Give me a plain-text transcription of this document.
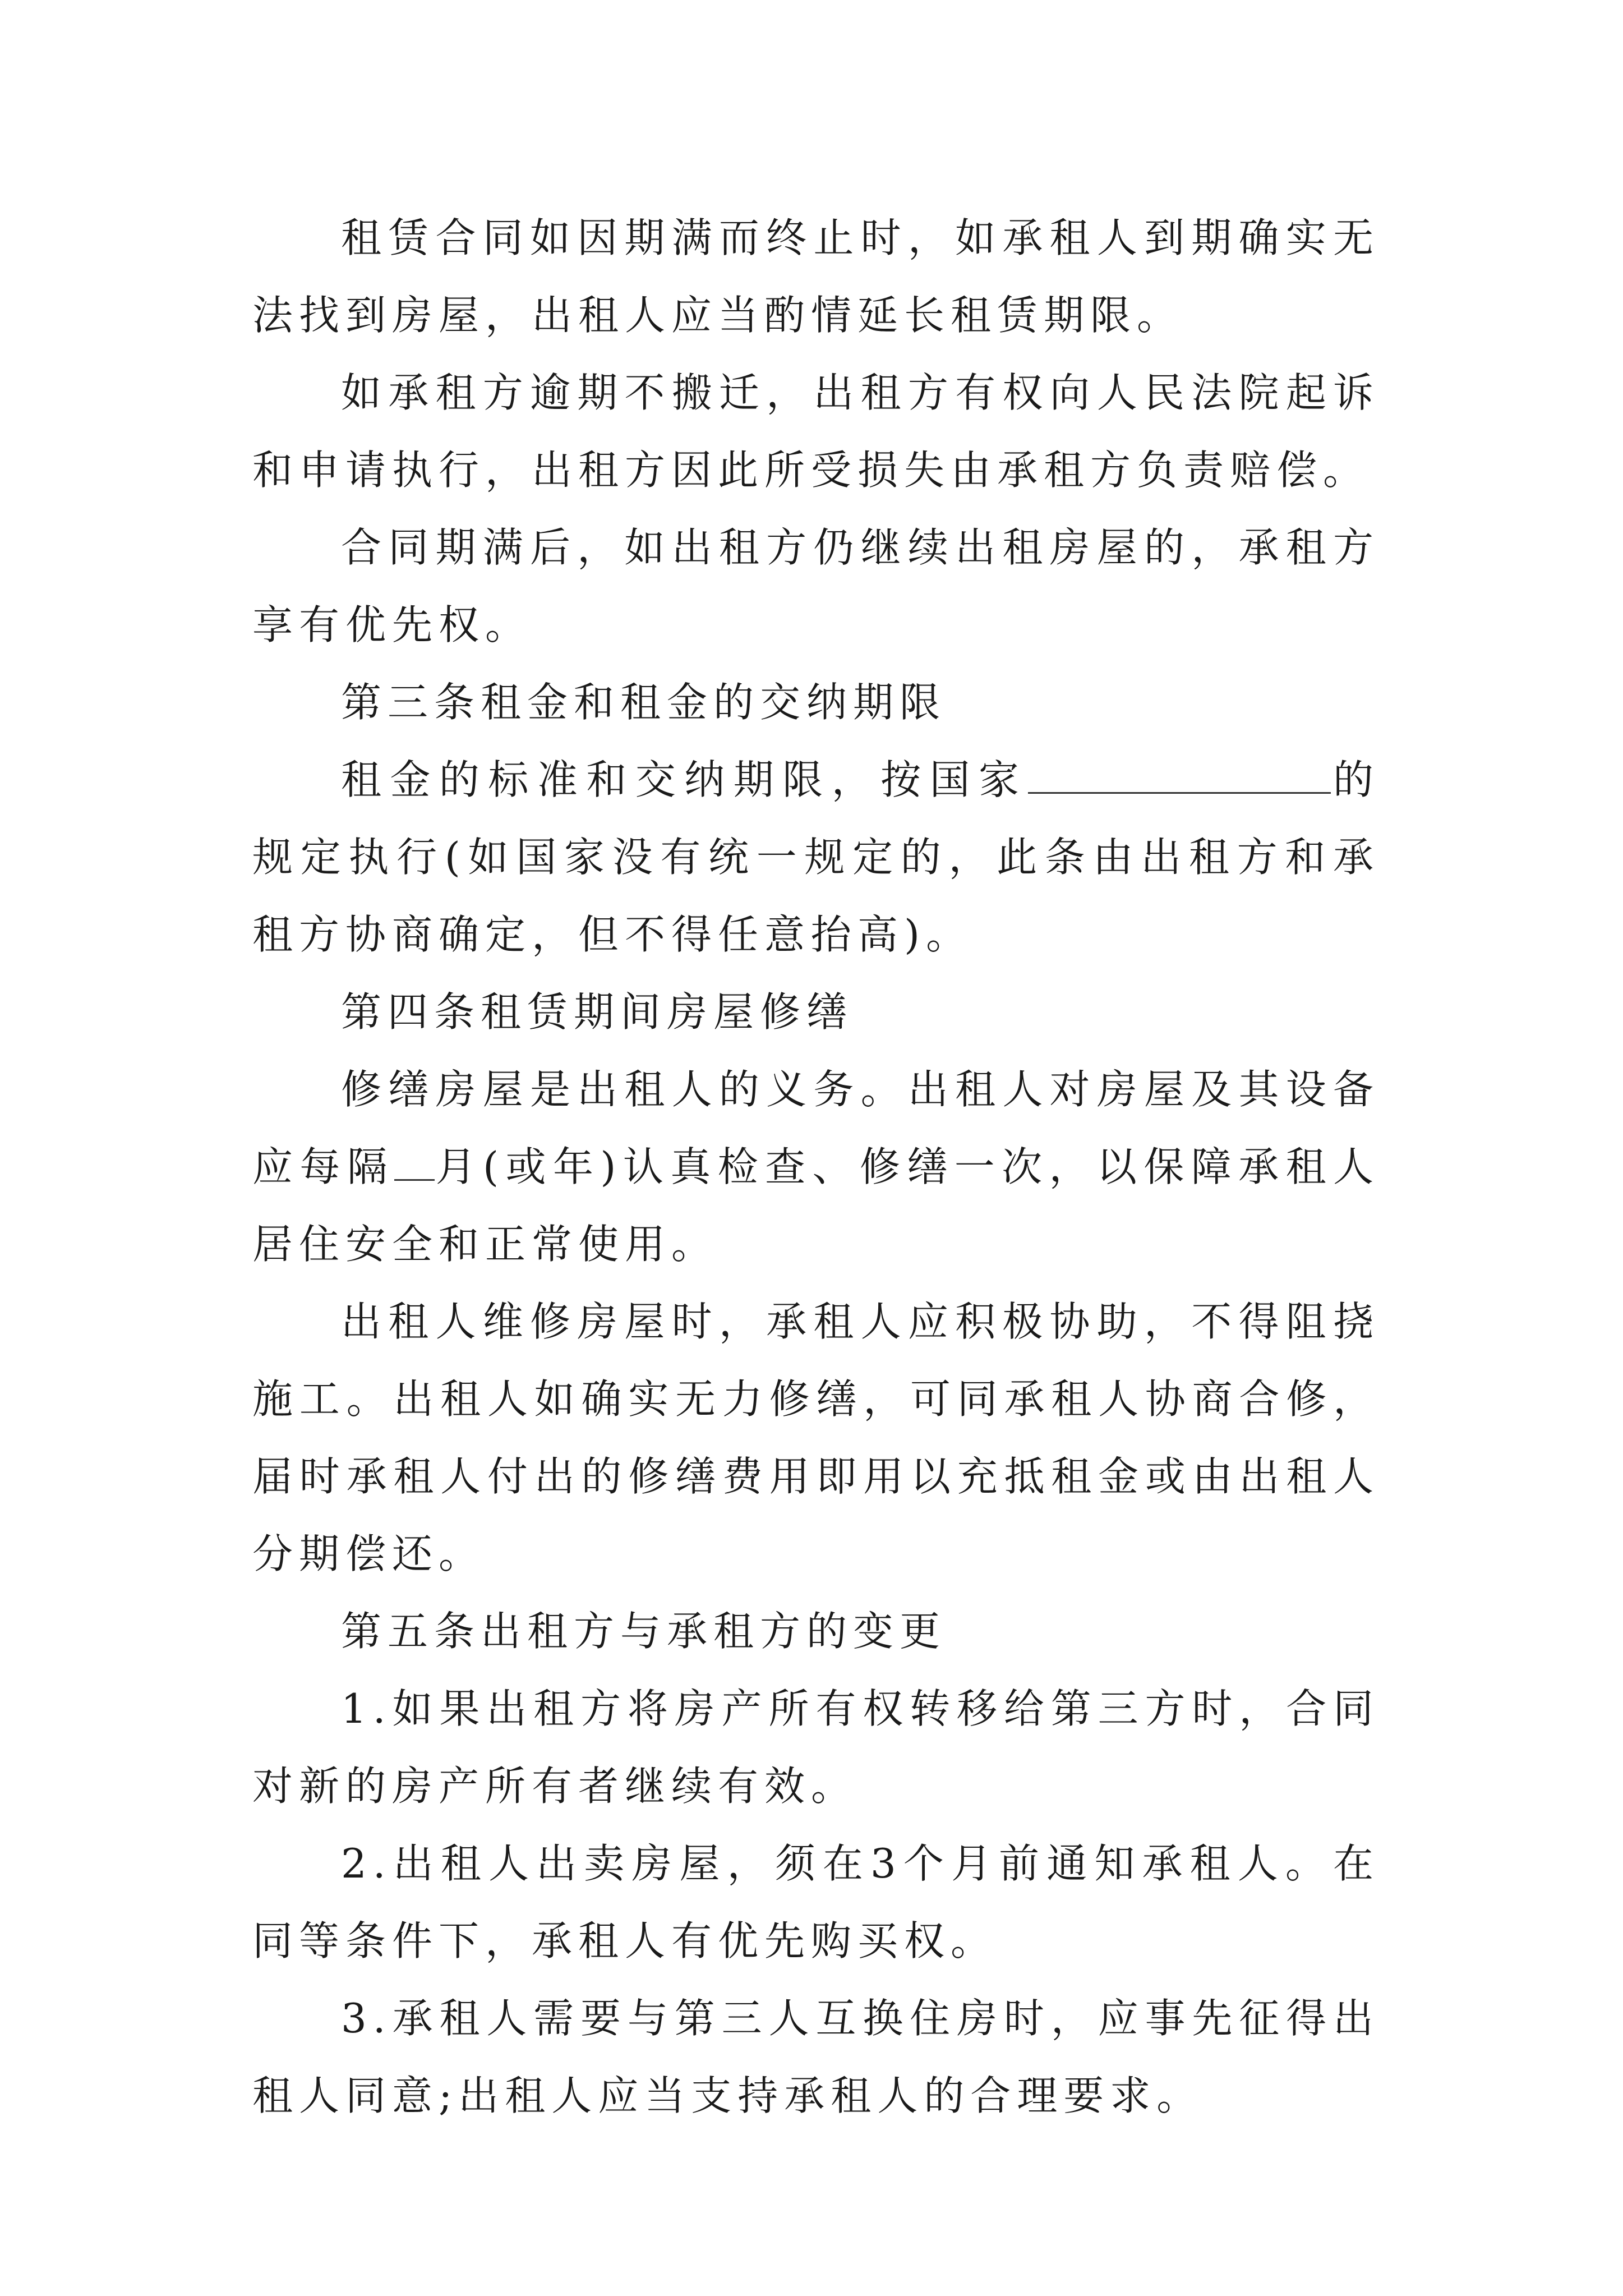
租赁合同如因期满而终止时，如承租人到期确实无法找到房屋，出租人应当酌情延长租赁期限。

如承租方逾期不搬迁，出租方有权向人民法院起诉和申请执行，出租方因此所受损失由承租方负责赔偿。

合同期满后，如出租方仍继续出租房屋的，承租方享有优先权。

第三条租金和租金的交纳期限

租金的标准和交纳期限，按国家	的规定执行(如国家没有统一规定的，此条由出租方和承租方协商确定，但不得任意抬高)。

第四条租赁期间房屋修缮

修缮房屋是出租人的义务。出租人对房屋及其设备应每隔 月(或年)认真检查、修缮一次，以保障承租人居住安全和正常使用。

出租人维修房屋时，承租人应积极协助，不得阻挠施工。出租人如确实无力修缮，可同承租人协商合修，届时承租人付出的修缮费用即用以充抵租金或由出租人分期偿还。

第五条出租方与承租方的变更

1.如果出租方将房产所有权转移给第三方时，合同对新的房产所有者继续有效。

2.出租人出卖房屋，须在3个月前通知承租人。在同等条件下，承租人有优先购买权。

3.承租人需要与第三人互换住房时，应事先征得出租人同意;出租人应当支持承租人的合理要求。
